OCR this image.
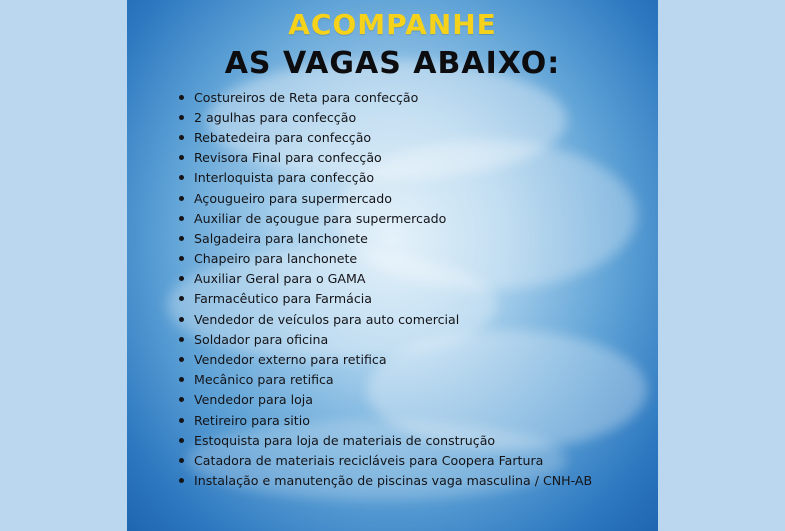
ACOMPANHE
AS VAGAS ABAIXO:
Costureiros de Reta para confecção
2 agulhas para confecção
Rebatedeira para confecção
Revisora Final para confecção
Interloquista para confecção
Açougueiro para supermercado
Auxiliar de açougue para supermercado
Salgadeira para lanchonete
Chapeiro para lanchonete
Auxiliar Geral para o GAMA
Farmacêutico para Farmácia
Vendedor de veículos para auto comercial
Soldador para oficina
Vendedor externo para retifica
Mecânico para retifica
Vendedor para loja
Retireiro para sitio
Estoquista para loja de materiais de construção
Catadora de materiais recicláveis para Coopera Fartura
Instalação e manutenção de piscinas vaga masculina / CNH-AB
